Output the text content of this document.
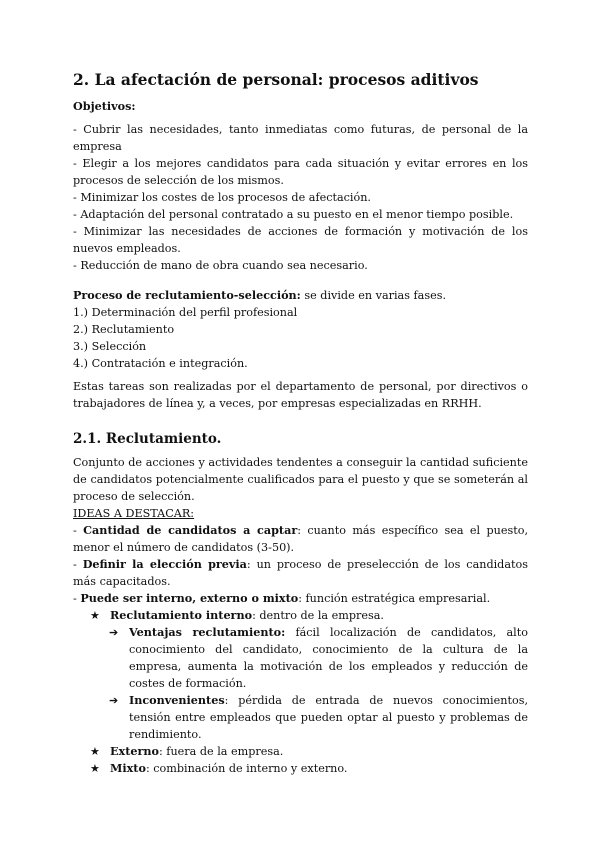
2. La afectación de personal: procesos aditivos

Objetivos:

- Cubrir las necesidades, tanto inmediatas como futuras, de personal de la empresa

- Elegir a los mejores candidatos para cada situación y evitar errores en los procesos de selección de los mismos.

- Minimizar los costes de los procesos de afectación.

- Adaptación del personal contratado a su puesto en el menor tiempo posible.

- Minimizar las necesidades de acciones de formación y motivación de los nuevos empleados.

- Reducción de mano de obra cuando sea necesario.

Proceso de reclutamiento-selección: se divide en varias fases.

1.) Determinación del perfil profesional

2.) Reclutamiento

3.) Selección

4.) Contratación e integración.

Estas tareas son realizadas por el departamento de personal, por directivos o trabajadores de línea y, a veces, por empresas especializadas en RRHH.

2.1. Reclutamiento.

Conjunto de acciones y actividades tendentes a conseguir la cantidad suficiente de candidatos potencialmente cualificados para el puesto y que se someterán al proceso de selección.

IDEAS A DESTACAR:

- Cantidad de candidatos a captar: cuanto más específico sea el puesto, menor el número de candidatos (3-50).

- Definir la elección previa: un proceso de preselección de los candidatos más capacitados.

- Puede ser interno, externo o mixto: función estratégica empresarial.

★ Reclutamiento interno: dentro de la empresa.
➔ Ventajas reclutamiento: fácil localización de candidatos, alto conocimiento del candidato, conocimiento de la cultura de la empresa, aumenta la motivación de los empleados y reducción de costes de formación.
➔ Inconvenientes: pérdida de entrada de nuevos conocimientos, tensión entre empleados que pueden optar al puesto y problemas de rendimiento.
★ Externo: fuera de la empresa.
★ Mixto: combinación de interno y externo.
